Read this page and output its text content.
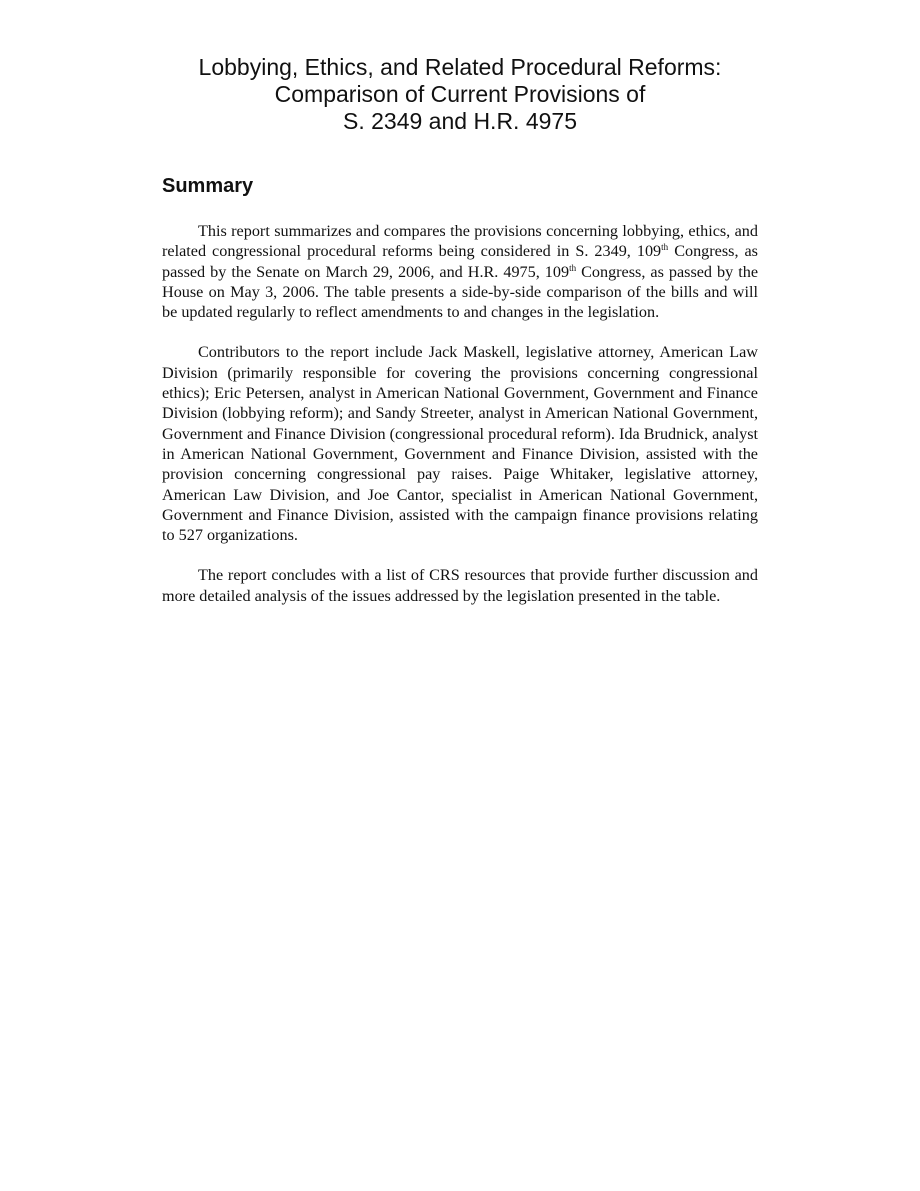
Lobbying, Ethics, and Related Procedural Reforms:
Comparison of Current Provisions of
S. 2349 and H.R. 4975
Summary

This report summarizes and compares the provisions concerning lobbying, ethics, and related congressional procedural reforms being considered in S. 2349, 109th Congress, as passed by the Senate on March 29, 2006, and H.R. 4975, 109th Congress, as passed by the House on May 3, 2006. The table presents a side-by-side comparison of the bills and will be updated regularly to reflect amendments to and changes in the legislation.

Contributors to the report include Jack Maskell, legislative attorney, American Law Division (primarily responsible for covering the provisions concerning congressional ethics); Eric Petersen, analyst in American National Government, Government and Finance Division (lobbying reform); and Sandy Streeter, analyst in American National Government, Government and Finance Division (congressional procedural reform). Ida Brudnick, analyst in American National Government, Government and Finance Division, assisted with the provision concerning congressional pay raises. Paige Whitaker, legislative attorney, American Law Division, and Joe Cantor, specialist in American National Government, Government and Finance Division, assisted with the campaign finance provisions relating to 527 organizations.

The report concludes with a list of CRS resources that provide further discussion and more detailed analysis of the issues addressed by the legislation presented in the table.
